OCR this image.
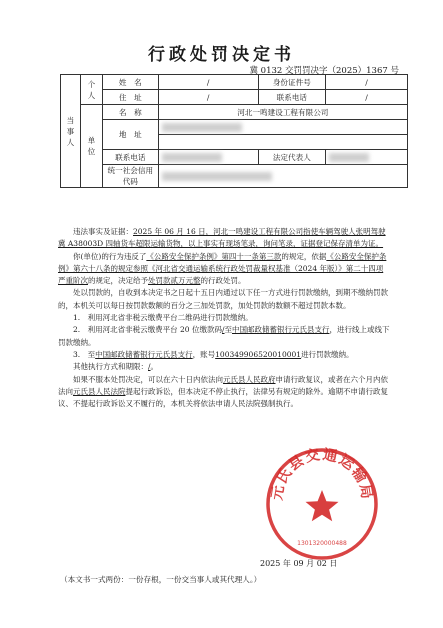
行政处罚决定书
冀 0132 交罚罚决字（2025）1367 号
当事人	个人	姓　名	/	身份证件号	/
		住　址	/	联系电话	/
	单位	名　称	河北一鸣建设工程有限公司		
		地　址			

		联系电话		法定代表人	
		统一社会信用代码			

违法事实及证据：2025 年 06 月 16 日，河北一鸣建设工程有限公司指使车辆驾驶人张明驾驶冀 A38003D 四轴货车超限运输货物，以上事实有现场笔录，询问笔录，证据登记保存清单为证。

你(单位)的行为违反了《公路安全保护条例》第四十一条第三款的规定，依据《公路安全保护条例》第六十八条的规定参照《河北省交通运输系统行政处罚裁量权基准（2024 年版）》第二十四项严重阶次的规定，决定给予处罚款贰万元整的行政处罚。

处以罚款的，自收到本决定书之日起十五日内通过以下任一方式进行罚款缴纳，到期不缴纳罚款的，本机关可以每日按罚款数额的百分之三加处罚款，加处罚款的数额不超过罚款本数。

1.　利用河北省非税云缴费平台二维码进行罚款缴纳。

2.　利用河北省非税云缴费平台 20 位缴款码/至中国邮政储蓄银行元氏县支行，进行线上或线下罚款缴纳。

3.　至中国邮政储蓄银行元氏县支行，账号100349906520010001进行罚款缴纳。

其他执行方式和期限：/。

如果不服本处罚决定，可以在六十日内依法向元氏县人民政府申请行政复议，或者在六个月内依法向元氏县人民法院提起行政诉讼，但本决定不停止执行，法律另有规定的除外。逾期不申请行政复议、不提起行政诉讼又不履行的，本机关将依法申请人民法院强制执行。

元氏县交通运输局
1301320000488
2025 年 09 月 02 日
（本文书一式两份：一份存根，一份交当事人或其代理人。）
